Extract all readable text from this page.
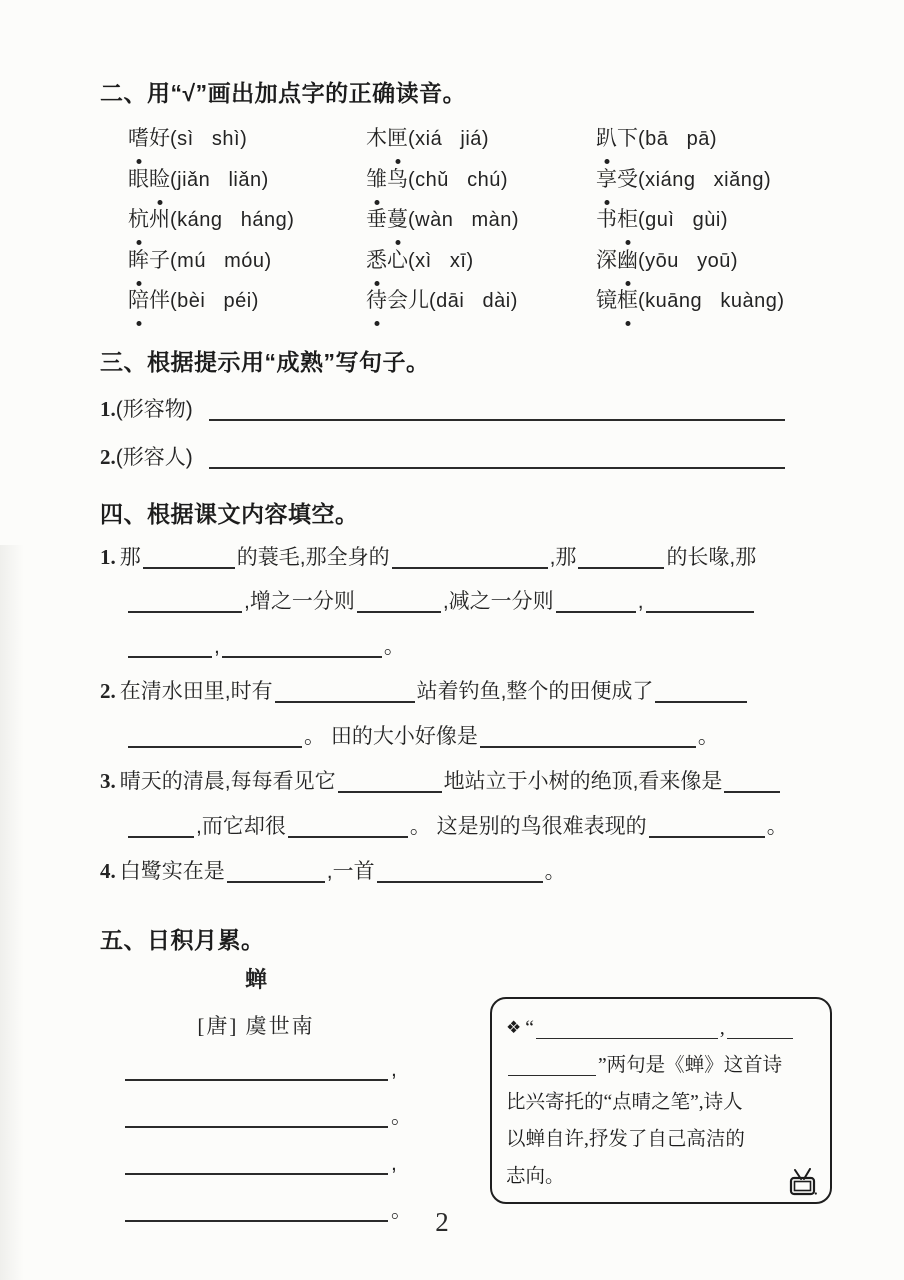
二、用“√”画出加点字的正确读音。
嗜好(sì   shì)	木匣(xiá   jiá)	趴下(bā   pā)
眼睑(jiǎn   liǎn)	雏鸟(chǔ   chú)	享受(xiáng   xiǎng)
杭州(káng   háng)	垂蔓(wàn   màn)	书柜(guì   gùi)
眸子(mú   móu)	悉心(xì   xī)	深幽(yōu   yoū)
陪伴(bèi   péi)	待会儿(dāi   dài)	镜框(kuāng   kuàng)
三、根据提示用“成熟”写句子。
1.(形容物)
2.(形容人)
四、根据课文内容填空。
1. 那	的蓑毛,那全身的	,那	的长喙,那
,增之一分则	,减之一分则	,
,	。
2. 在清水田里,时有	站着钓鱼,整个的田便成了
。 田的大小好像是	。
3. 晴天的清晨,每每看见它	地站立于小树的绝顶,看来像是
,而它却很	。 这是别的鸟很难表现的	。
4. 白鹭实在是	,一首	。
五、日积月累。
蝉
[唐] 虞世南
,
。
,
。
❖ “	,
”两句是《蝉》这首诗
比兴寄托的“点晴之笔”,诗人
以蝉自许,抒发了自己高洁的
志向。
2
